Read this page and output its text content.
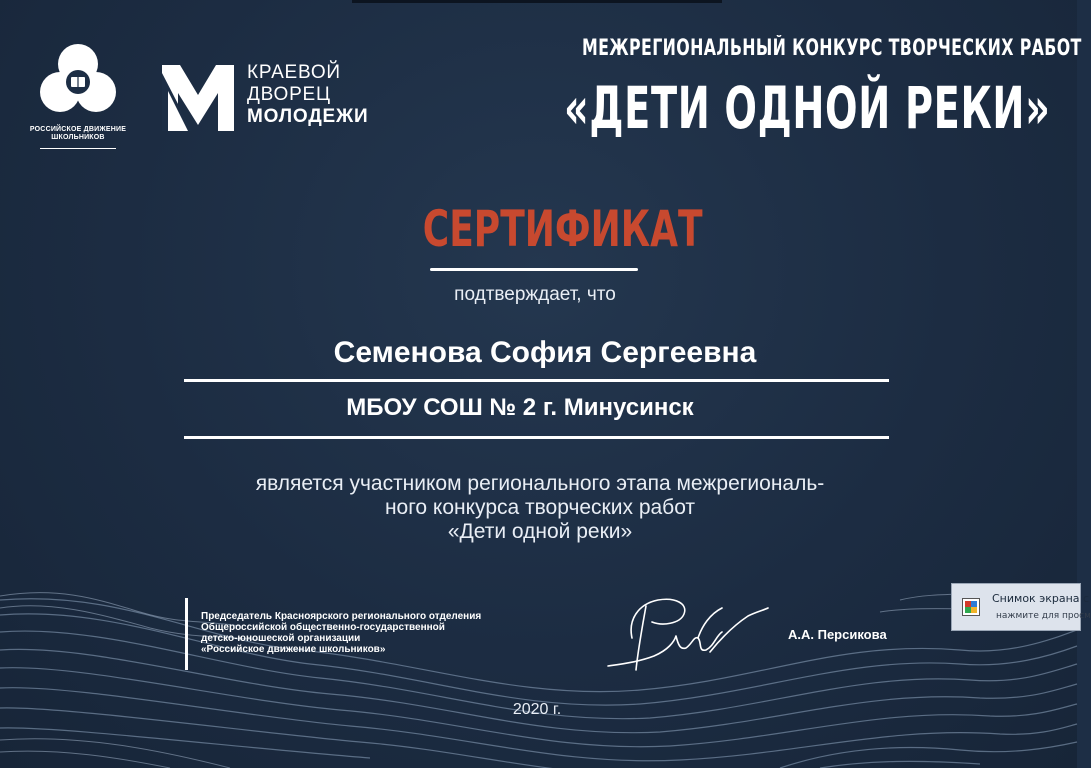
РОССИЙСКОЕ ДВИЖЕНИЕ ШКОЛЬНИКОВ
КРАЕВОЙ
ДВОРЕЦ
МОЛОДЕЖИ
МЕЖРЕГИОНАЛЬНЫЙ КОНКУРС ТВОРЧЕСКИХ РАБОТ
«ДЕТИ ОДНОЙ РЕКИ»
СЕРТИФИКАТ
подтверждает, что
Семенова София Сергеевна
МБОУ СОШ № 2 г. Минусинск
является участником регионального этапа межрегиональ-
ного конкурса творческих работ
«Дети одной реки»
Председатель Красноярского регионального отделения
Общероссийской общественно-государственной
детско-юношеской организации
«Российское движение школьников»
А.А. Персикова
2020 г.
Снимок экрана с
нажмите для просм
